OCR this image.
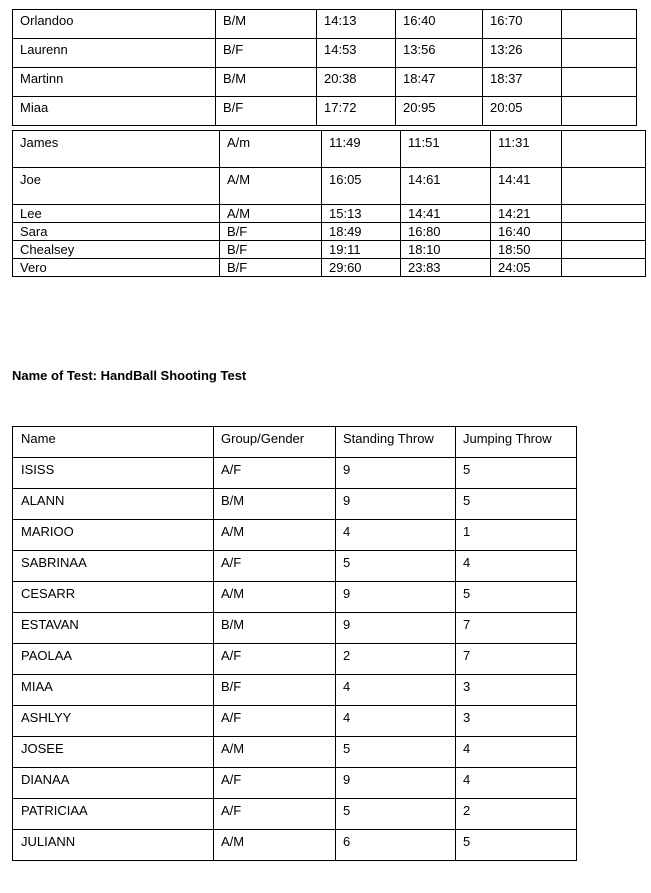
Orlandoo	B/M	14:13	16:40	16:70	
Laurenn	B/F	14:53	13:56	13:26	
Martinn	B/M	20:38	18:47	18:37	
Miaa	B/F	17:72	20:95	20:05	
James	A/m	11:49	11:51	11:31	
Joe	A/M	16:05	14:61	14:41	
Lee	A/M	15:13	14:41	14:21	
Sara	B/F	18:49	16:80	16:40	
Chealsey	B/F	19:11	18:10	18:50	
Vero	B/F	29:60	23:83	24:05	
Name of Test: HandBall Shooting Test
Name	Group/Gender	Standing Throw	Jumping Throw
ISISS	A/F	9	5
ALANN	B/M	9	5
MARIOO	A/M	4	1
SABRINAA	A/F	5	4
CESARR	A/M	9	5
ESTAVAN	B/M	9	7
PAOLAA	A/F	2	7
MIAA	B/F	4	3
ASHLYY	A/F	4	3
JOSEE	A/M	5	4
DIANAA	A/F	9	4
PATRICIAA	A/F	5	2
JULIANN	A/M	6	5
